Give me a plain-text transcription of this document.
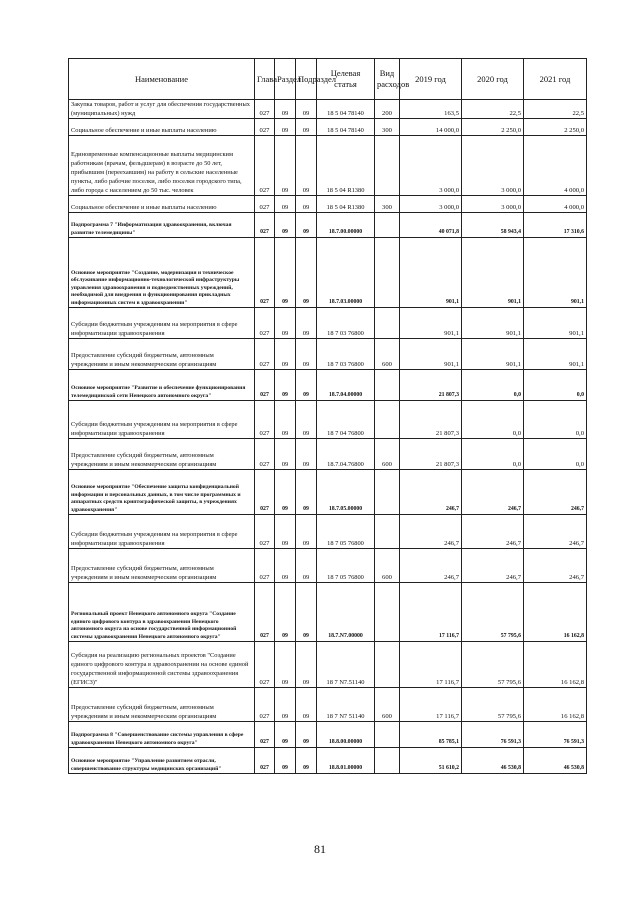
Наименование	Глава	Раздел	Подраздел	Целевая статья	Вид расходов	2019 год	2020 год	2021 год
Закупка товаров, работ и услуг для обеспечения государственных (муниципальных) нужд	027	09	09	18 5 04 78140	200	163,5	22,5	22,5
Социальное обеспечение и иные выплаты населению	027	09	09	18 5 04 78140	300	14 000,0	2 250,0	2 250,0
Единовременные компенсационные выплаты медицинским работникам (врачам, фельдшерам) в возрасте до 50 лет, прибывшим (переехавшим) на работу в сельские населенные пункты, либо рабочие поселки, либо поселки городского типа, либо города с населением до 50 тыс. человек	027	09	09	18 5 04 R1380		3 000,0	3 000,0	4 000,0
Социальное обеспечение и иные выплаты населению	027	09	09	18 5 04 R1380	300	3 000,0	3 000,0	4 000,0
Подпрограмма 7 "Информатизация здравоохранения, включая развитие телемедицины"	027	09	09	18.7.00.00000		40 071,8	58 943,4	17 310,6
Основное мероприятие "Создание, модернизация и техническое обслуживание информационно-технологической инфраструктуры управления здравоохранения и подведомственных учреждений, необходимой для внедрения и функционирования прикладных информационных систем в здравоохранении"	027	09	09	18.7.03.00000		901,1	901,1	901,1
Субсидии бюджетным учреждениям на мероприятия в сфере информатизации здравоохранения	027	09	09	18 7 03 76800		901,1	901,1	901,1
Предоставление субсидий бюджетным, автономным учреждениям и иным некоммерческим организациям	027	09	09	18 7 03 76800	600	901,1	901,1	901,1
Основное мероприятие "Развитие и обеспечение функционирования телемедицинской сети Ненецкого автономного округа"	027	09	09	18.7.04.00000		21 807,3	0,0	0,0
Субсидии бюджетным учреждениям на мероприятия в сфере информатизации здравоохранения	027	09	09	18 7 04 76800		21 807,3	0,0	0,0
Предоставление субсидий бюджетным, автономным учреждениям и иным некоммерческим организациям	027	09	09	18.7.04.76800	600	21 807,3	0,0	0,0
Основное мероприятие "Обеспечение защиты конфиденциальной информации и персональных данных, в том числе программных и аппаратных средств криптографической защиты, в учреждениях здравоохранения"	027	09	09	18.7.05.00000		246,7	246,7	246,7
Субсидии бюджетным учреждениям на мероприятия в сфере информатизации здравоохранения	027	09	09	18 7 05 76800		246,7	246,7	246,7
Предоставление субсидий бюджетным, автономным учреждениям и иным некоммерческим организациям	027	09	09	18 7 05 76800	600	246,7	246,7	246,7
Региональный проект Ненецкого автономного округа "Создание единого цифрового контура в здравоохранении Ненецкого автономного округа на основе государственной информационной системы здравоохранения Ненецкого автономного округа"	027	09	09	18.7.N7.00000		17 116,7	57 795,6	16 162,8
Субсидия на реализацию региональных проектов "Создание единого цифрового контура в здравоохранении на основе единой государственной информационной системы здравоохранения (ЕГИСЗ)"	027	09	09	18 7 N7.51140		17 116,7	57 795,6	16 162,8
Предоставление субсидий бюджетным, автономным учреждениям и иным некоммерческим организациям	027	09	09	18 7 N7 51140	600	17 116,7	57 795,6	16 162,8
Подпрограмма 8 "Совершенствование системы управления в сфере здравоохранения Ненецкого автономного округа"	027	09	09	18.8.00.00000		85 785,1	76 591,3	76 591,3
Основное мероприятие "Управление развитием отрасли, совершенствование структуры медицинских организаций"	027	09	09	18.8.01.00000		51 610,2	46 530,8	46 530,8
81
